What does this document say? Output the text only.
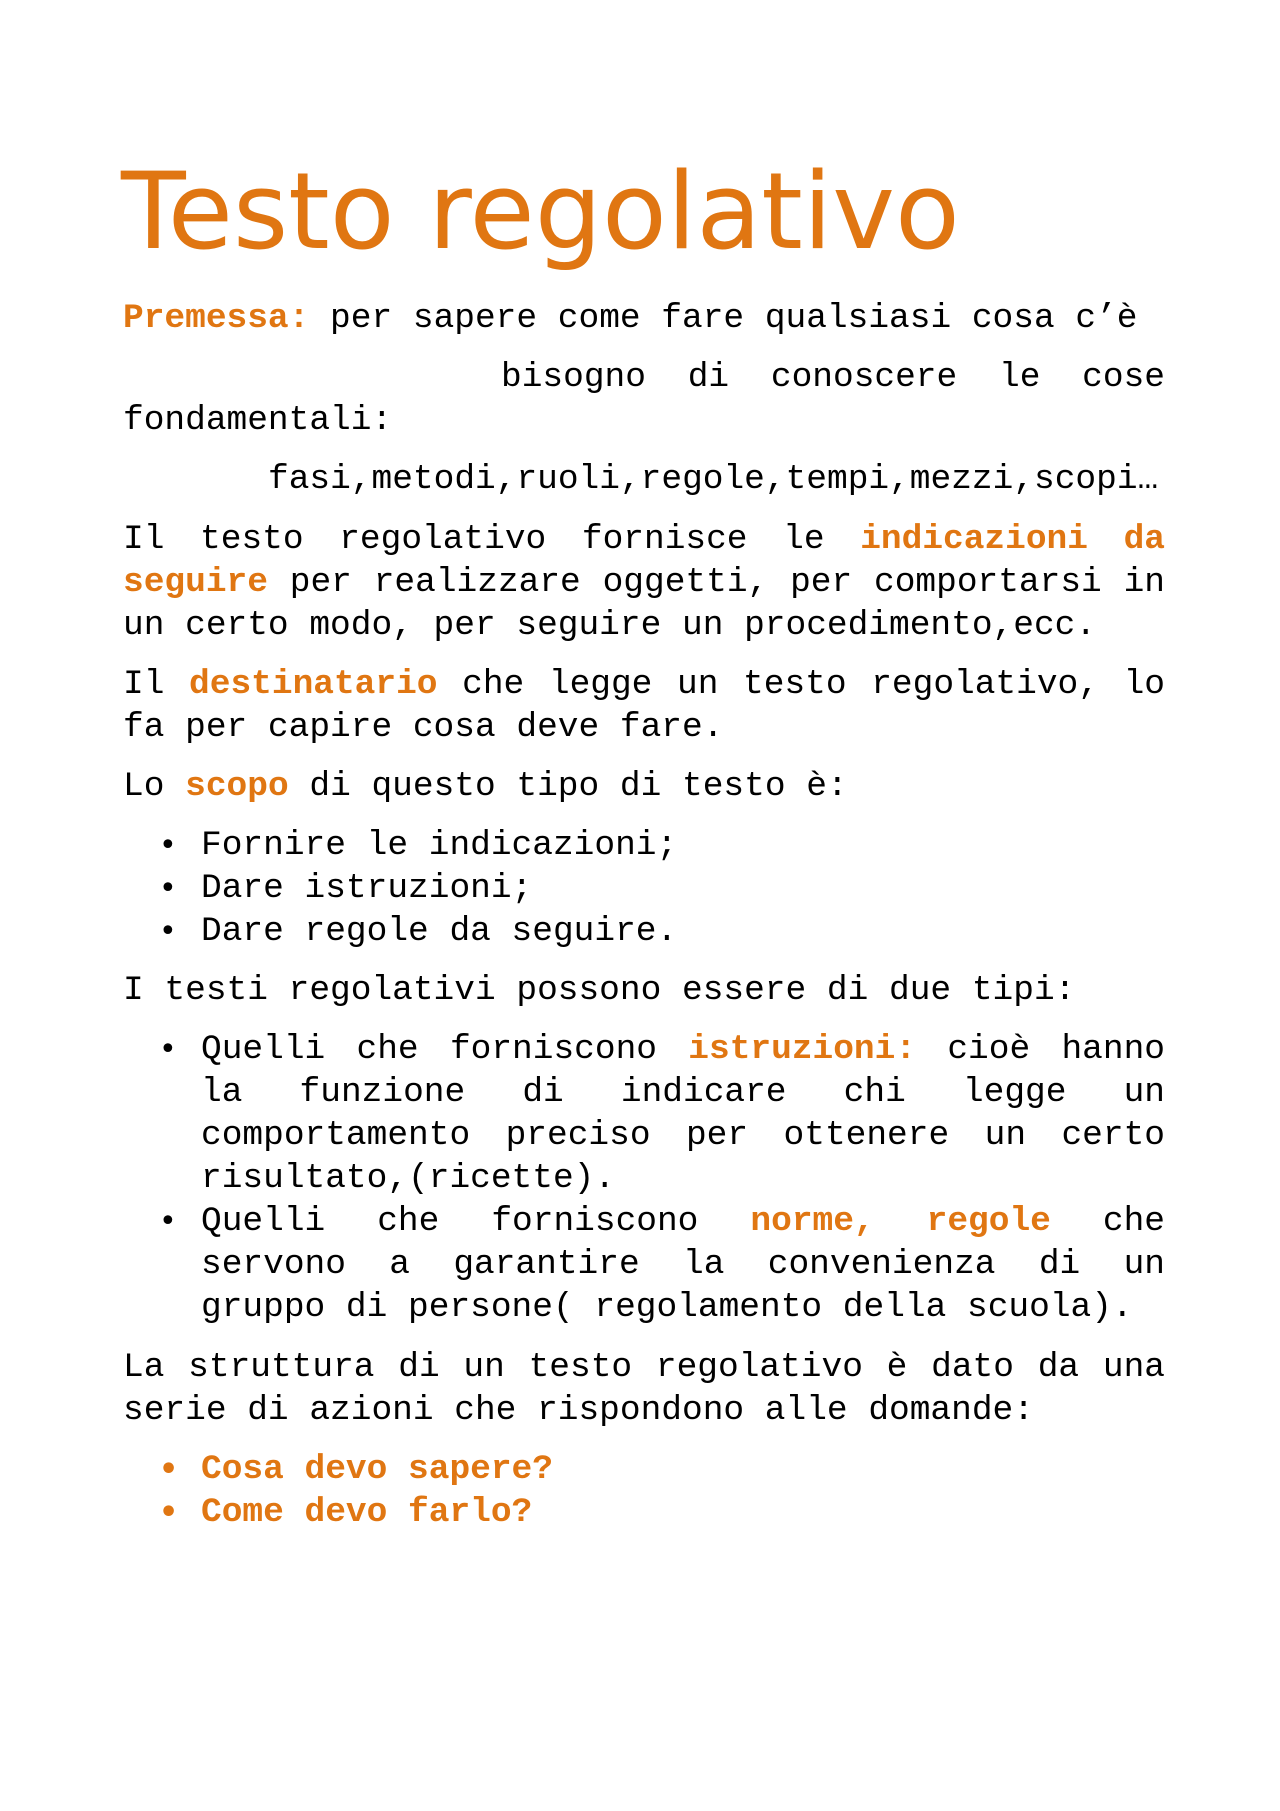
Testo regolativo
Premessa: per sapere come fare qualsiasi cosa c’è
bisogno di conoscere le cose
fondamentali:
fasi,metodi,ruoli,regole,tempi,mezzi,scopi…
Il testo regolativo fornisce le indicazioni da seguire per realizzare oggetti, per comportarsi in un certo modo, per seguire un procedimento,ecc.
Il destinatario che legge un testo regolativo, lo fa per capire cosa deve fare.
Lo scopo di questo tipo di testo è:
• Fornire le indicazioni;
• Dare istruzioni;
• Dare regole da seguire.
I testi regolativi possono essere di due tipi:
• Quelli che forniscono istruzioni: cioè hanno la funzione di indicare chi legge un comportamento preciso per ottenere un certo risultato,(ricette).
• Quelli che forniscono norme, regole che servono a garantire la convenienza di un gruppo di persone( regolamento della scuola).
La struttura di un testo regolativo è dato da una serie di azioni che rispondono alle domande:
• Cosa devo sapere?
• Come devo farlo?
